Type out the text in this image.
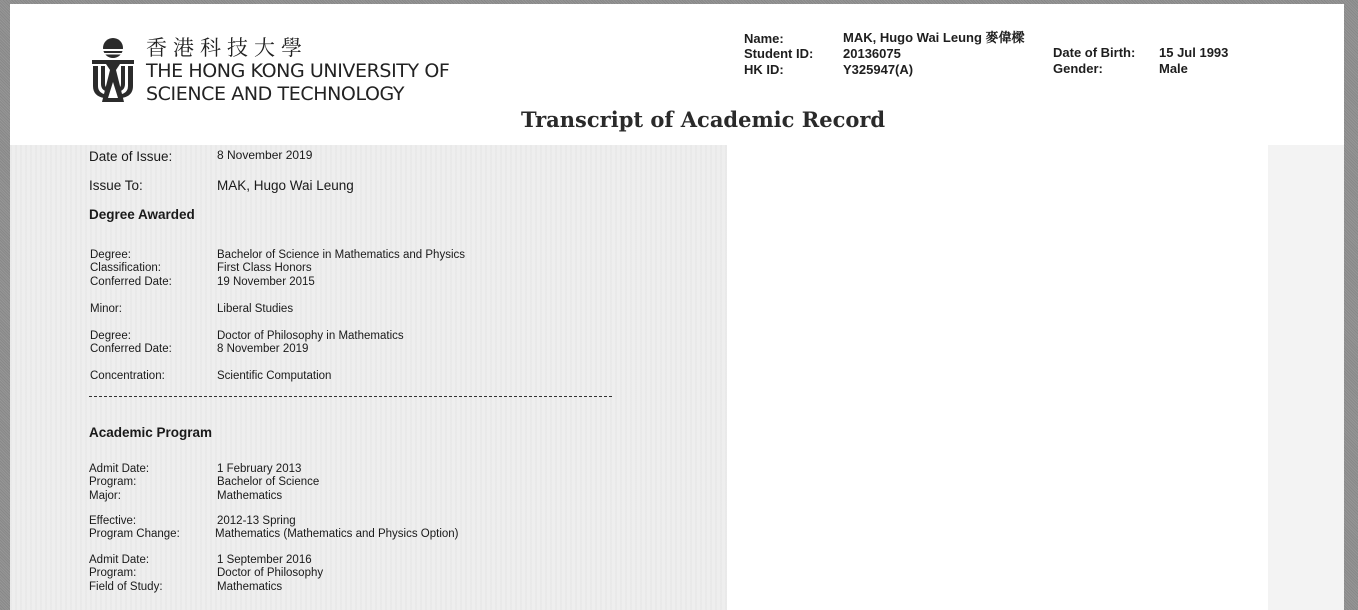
香港科技大學
THE HONG KONG UNIVERSITY OF
SCIENCE AND TECHNOLOGY
Name:	MAK, Hugo Wai Leung 麥偉樑
Student ID: 20136075
HK ID:	Y325947(A)
Date of Birth: 15 Jul 1993
Gender:	Male
Transcript of Academic Record
Date of Issue:	8 November 2019
Issue To:	MAK, Hugo Wai Leung
Degree Awarded
Degree:	Bachelor of Science in Mathematics and Physics
Classification:	First Class Honors
Conferred Date:	19 November 2015
Minor:	Liberal Studies
Degree:	Doctor of Philosophy in Mathematics
Conferred Date:	8 November 2019
Concentration:	Scientific Computation
Academic Program
Admit Date:	1 February 2013
Program:	Bachelor of Science
Major:	Mathematics
Effective:	2012-13 Spring
Program Change:	Mathematics (Mathematics and Physics Option)
Admit Date:	1 September 2016
Program:	Doctor of Philosophy
Field of Study:	Mathematics
